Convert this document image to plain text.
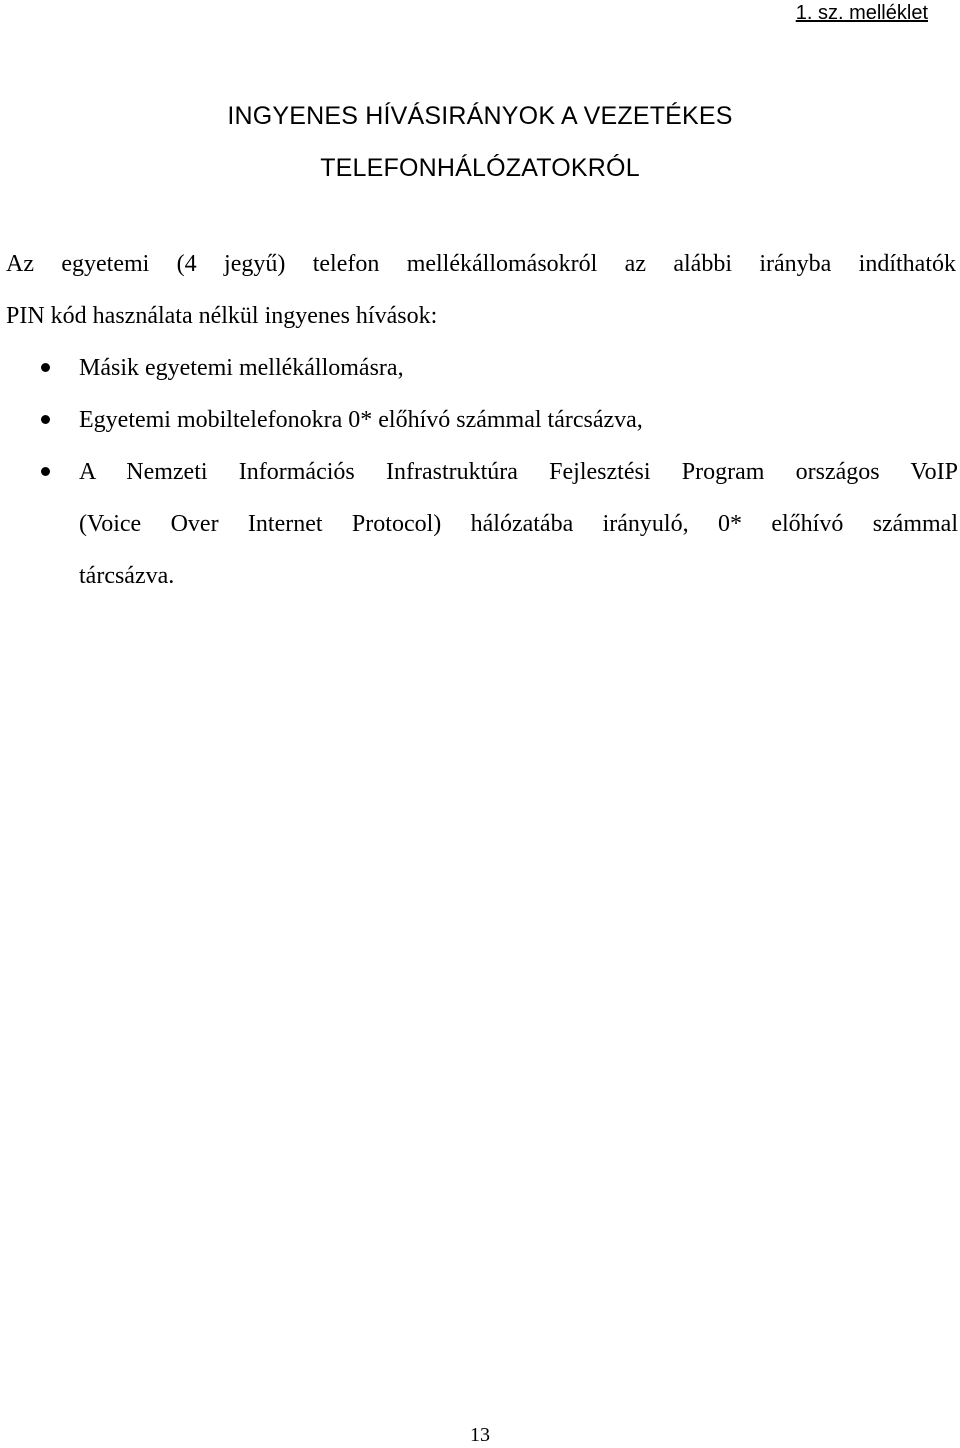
1. sz. melléklet
INGYENES HÍVÁSIRÁNYOK A VEZETÉKES
TELEFONHÁLÓZATOKRÓL
Az egyetemi (4 jegyű) telefon mellékállomásokról az alábbi irányba indíthatók
PIN kód használata nélkül ingyenes hívások:
Másik egyetemi mellékállomásra,
Egyetemi mobiltelefonokra 0* előhívó számmal tárcsázva,
A Nemzeti Információs Infrastruktúra Fejlesztési Program országos VoIP
(Voice Over Internet Protocol) hálózatába irányuló, 0* előhívó számmal
tárcsázva.
13
